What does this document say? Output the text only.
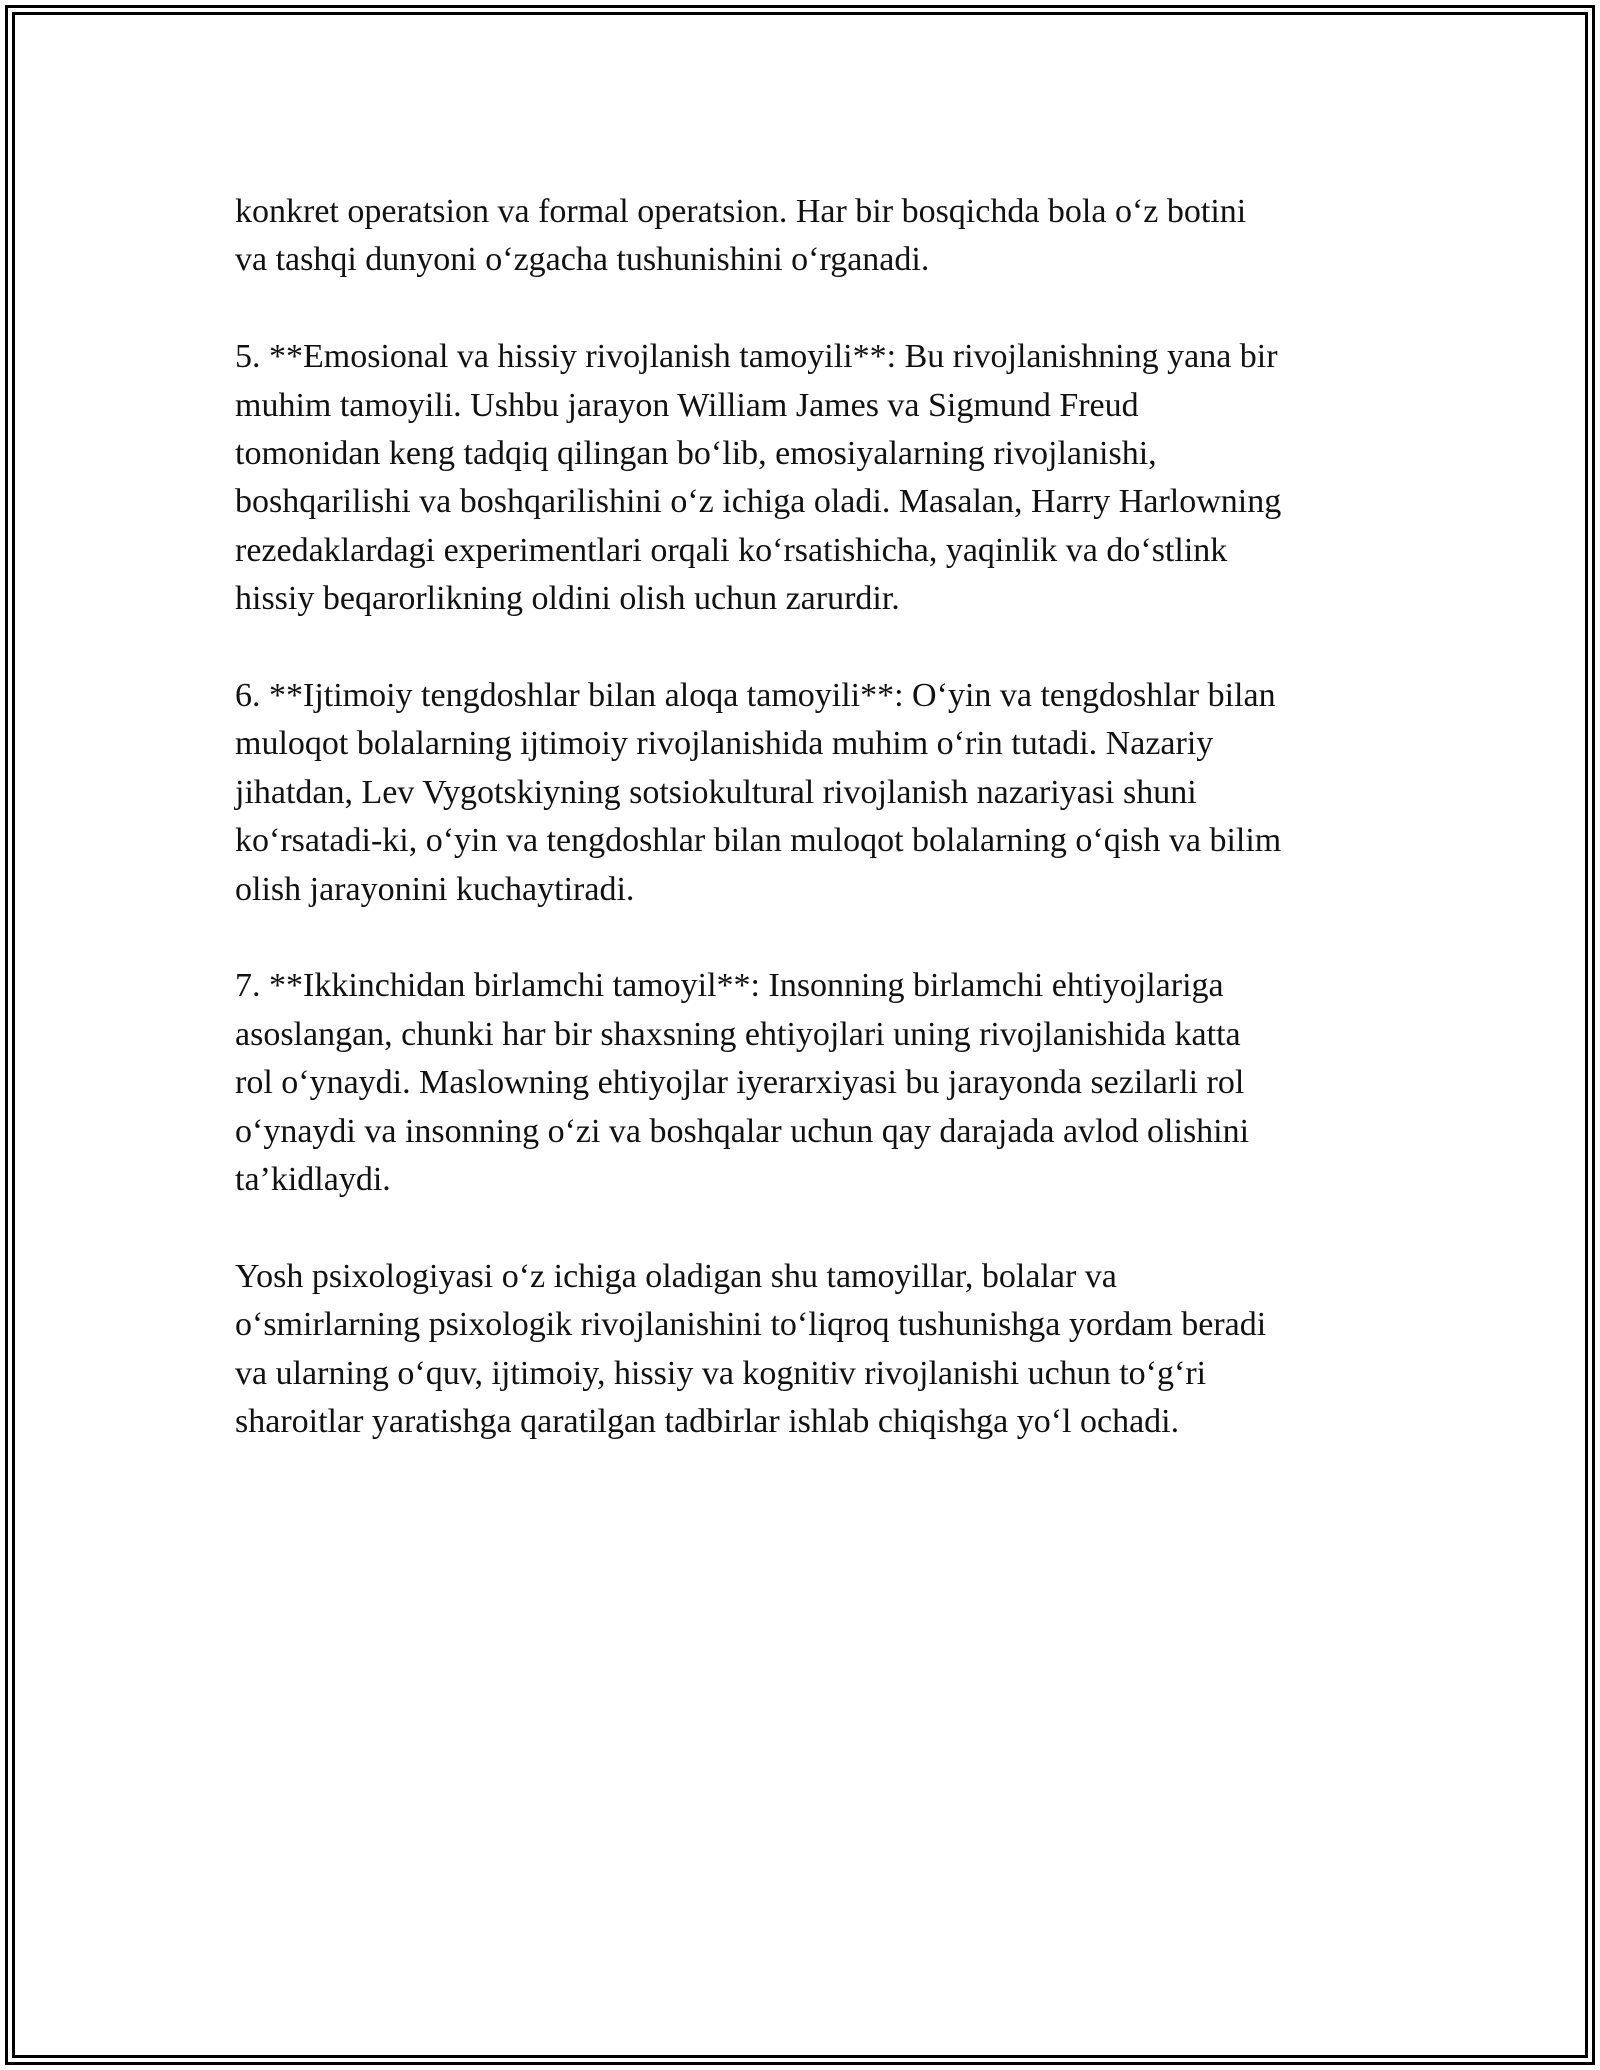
konkret operatsion va formal operatsion. Har bir bosqichda bola o‘z botini
va tashqi dunyoni o‘zgacha tushunishini o‘rganadi.

5. **Emosional va hissiy rivojlanish tamoyili**: Bu rivojlanishning yana bir
muhim tamoyili. Ushbu jarayon William James va Sigmund Freud
tomonidan keng tadqiq qilingan bo‘lib, emosiyalarning rivojlanishi,
boshqarilishi va boshqarilishini o‘z ichiga oladi. Masalan, Harry Harlowning
rezedaklardagi experimentlari orqali ko‘rsatishicha, yaqinlik va do‘stlink
hissiy beqarorlikning oldini olish uchun zarurdir.

6. **Ijtimoiy tengdoshlar bilan aloqa tamoyili**: O‘yin va tengdoshlar bilan
muloqot bolalarning ijtimoiy rivojlanishida muhim o‘rin tutadi. Nazariy
jihatdan, Lev Vygotskiyning sotsiokultural rivojlanish nazariyasi shuni
ko‘rsatadi-ki, o‘yin va tengdoshlar bilan muloqot bolalarning o‘qish va bilim
olish jarayonini kuchaytiradi.

7. **Ikkinchidan birlamchi tamoyil**: Insonning birlamchi ehtiyojlariga
asoslangan, chunki har bir shaxsning ehtiyojlari uning rivojlanishida katta
rol o‘ynaydi. Maslowning ehtiyojlar iyerarxiyasi bu jarayonda sezilarli rol
o‘ynaydi va insonning o‘zi va boshqalar uchun qay darajada avlod olishini
ta’kidlaydi.

Yosh psixologiyasi o‘z ichiga oladigan shu tamoyillar, bolalar va
o‘smirlarning psixologik rivojlanishini to‘liqroq tushunishga yordam beradi
va ularning o‘quv, ijtimoiy, hissiy va kognitiv rivojlanishi uchun to‘g‘ri
sharoitlar yaratishga qaratilgan tadbirlar ishlab chiqishga yo‘l ochadi.
